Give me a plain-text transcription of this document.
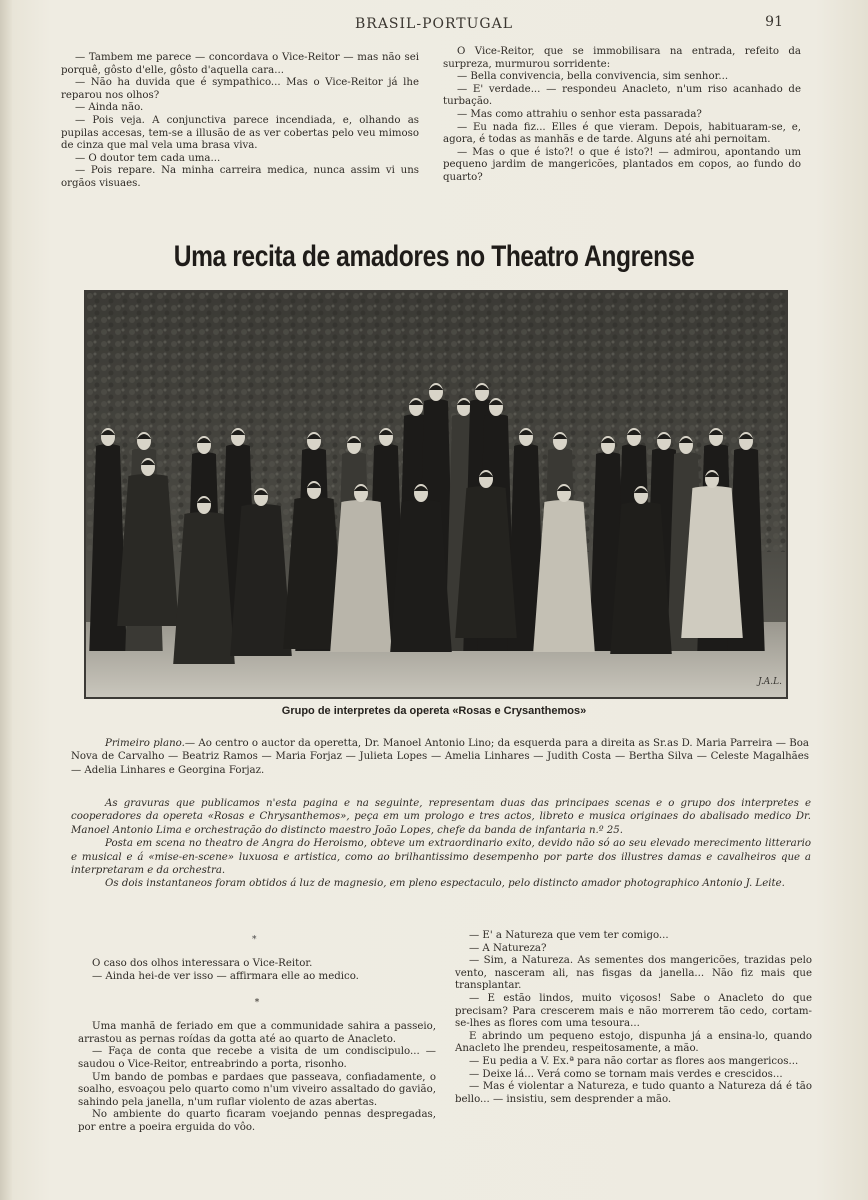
BRASIL-PORTUGAL	91

— Tambem me parece — concordava o Vice-Reitor — mas não sei porquê, gôsto d'elle, gôsto d'aquella cara...

— Não ha duvida que é sympathico... Mas o Vice-Reitor já lhe reparou nos olhos?

— Ainda não.

— Pois veja. A conjunctiva parece incendiada, e, olhando as pupilas accesas, tem-se a illusão de as ver cobertas pelo veu mimoso de cinza que mal vela uma brasa viva.

— O doutor tem cada uma...

— Pois repare. Na minha carreira medica, nunca assim vi uns orgãos visuaes.

O Vice-Reitor, que se immobilisara na entrada, refeito da surpreza, murmurou sorridente:

— Bella convivencia, bella convivencia, sim senhor...

— E' verdade... — respondeu Anacleto, n'um riso acanhado de turbação.

— Mas como attrahiu o senhor esta passarada?

— Eu nada fiz... Elles é que vieram. Depois, habituaram-se, e, agora, é todas as manhãs e de tarde. Alguns até ahi pernoitam.

— Mas o que é isto?! o que é isto?! — admirou, apontando um pequeno jardim de mangericões, plantados em copos, ao fundo do quarto?

Uma recita de amadores no Theatro Angrense
J.A.L.
Grupo de interpretes da opereta «Rosas e Crysanthemos»

Primeiro plano.— Ao centro o auctor da operetta, Dr. Manoel Antonio Lino; da esquerda para a direita as Sr.as D. Maria Parreira — Boa Nova de Carvalho — Beatriz Ramos — Maria Forjaz — Julieta Lopes — Amelia Linhares — Judith Costa — Bertha Silva — Celeste Magalhães — Adelia Linhares e Georgina Forjaz.

As gravuras que publicamos n'esta pagina e na seguinte, representam duas das principaes scenas e o grupo dos interpretes e cooperadores da opereta «Rosas e Chrysanthemos», peça em um prologo e tres actos, libreto e musica originaes do abalisado medico Dr. Manoel Antonio Lima e orchestração do distincto maestro João Lopes, chefe da banda de infantaria n.º 25.

Posta em scena no theatro de Angra do Heroismo, obteve um extraordinario exito, devido não só ao seu elevado merecimento litterario e musical e á «mise-en-scene» luxuosa e artistica, como ao brilhantissimo desempenho por parte dos illustres damas e cavalheiros que a interpretaram e da orchestra.

Os dois instantaneos foram obtidos á luz de magnesio, em pleno espectaculo, pelo distincto amador photographico Antonio J. Leite.

*

O caso dos olhos interessara o Vice-Reitor.

— Ainda hei-de ver isso — affirmara elle ao medico.

*

Uma manhã de feriado em que a communidade sahira a passeio, arrastou as pernas roídas da gotta até ao quarto de Anacleto.

— Faça de conta que recebe a visita de um condiscipulo... — saudou o Vice-Reitor, entreabrindo a porta, risonho.

Um bando de pombas e pardaes que passeava, confiadamente, o soalho, esvoaçou pelo quarto como n'um viveiro assaltado do gavião, sahindo pela janella, n'um ruflar violento de azas abertas.

No ambiente do quarto ficaram voejando pennas despregadas, por entre a poeira erguida do vôo.

— E' a Natureza que vem ter comigo...

— A Natureza?

— Sim, a Natureza. As sementes dos mangericões, trazidas pelo vento, nasceram ali, nas fisgas da janella... Não fiz mais que transplantar.

— E estão lindos, muito viçosos! Sabe o Anacleto do que precisam? Para crescerem mais e não morrerem tão cedo, cortam-se-lhes as flores com uma tesoura...

E abrindo um pequeno estojo, dispunha já a ensina-lo, quando Anacleto lhe prendeu, respeitosamente, a mão.

— Eu pedia a V. Ex.ª para não cortar as flores aos mangericos...

— Deixe lá... Verá como se tornam mais verdes e crescidos...

— Mas é violentar a Natureza, e tudo quanto a Natureza dá é tão bello... — insistiu, sem desprender a mão.
